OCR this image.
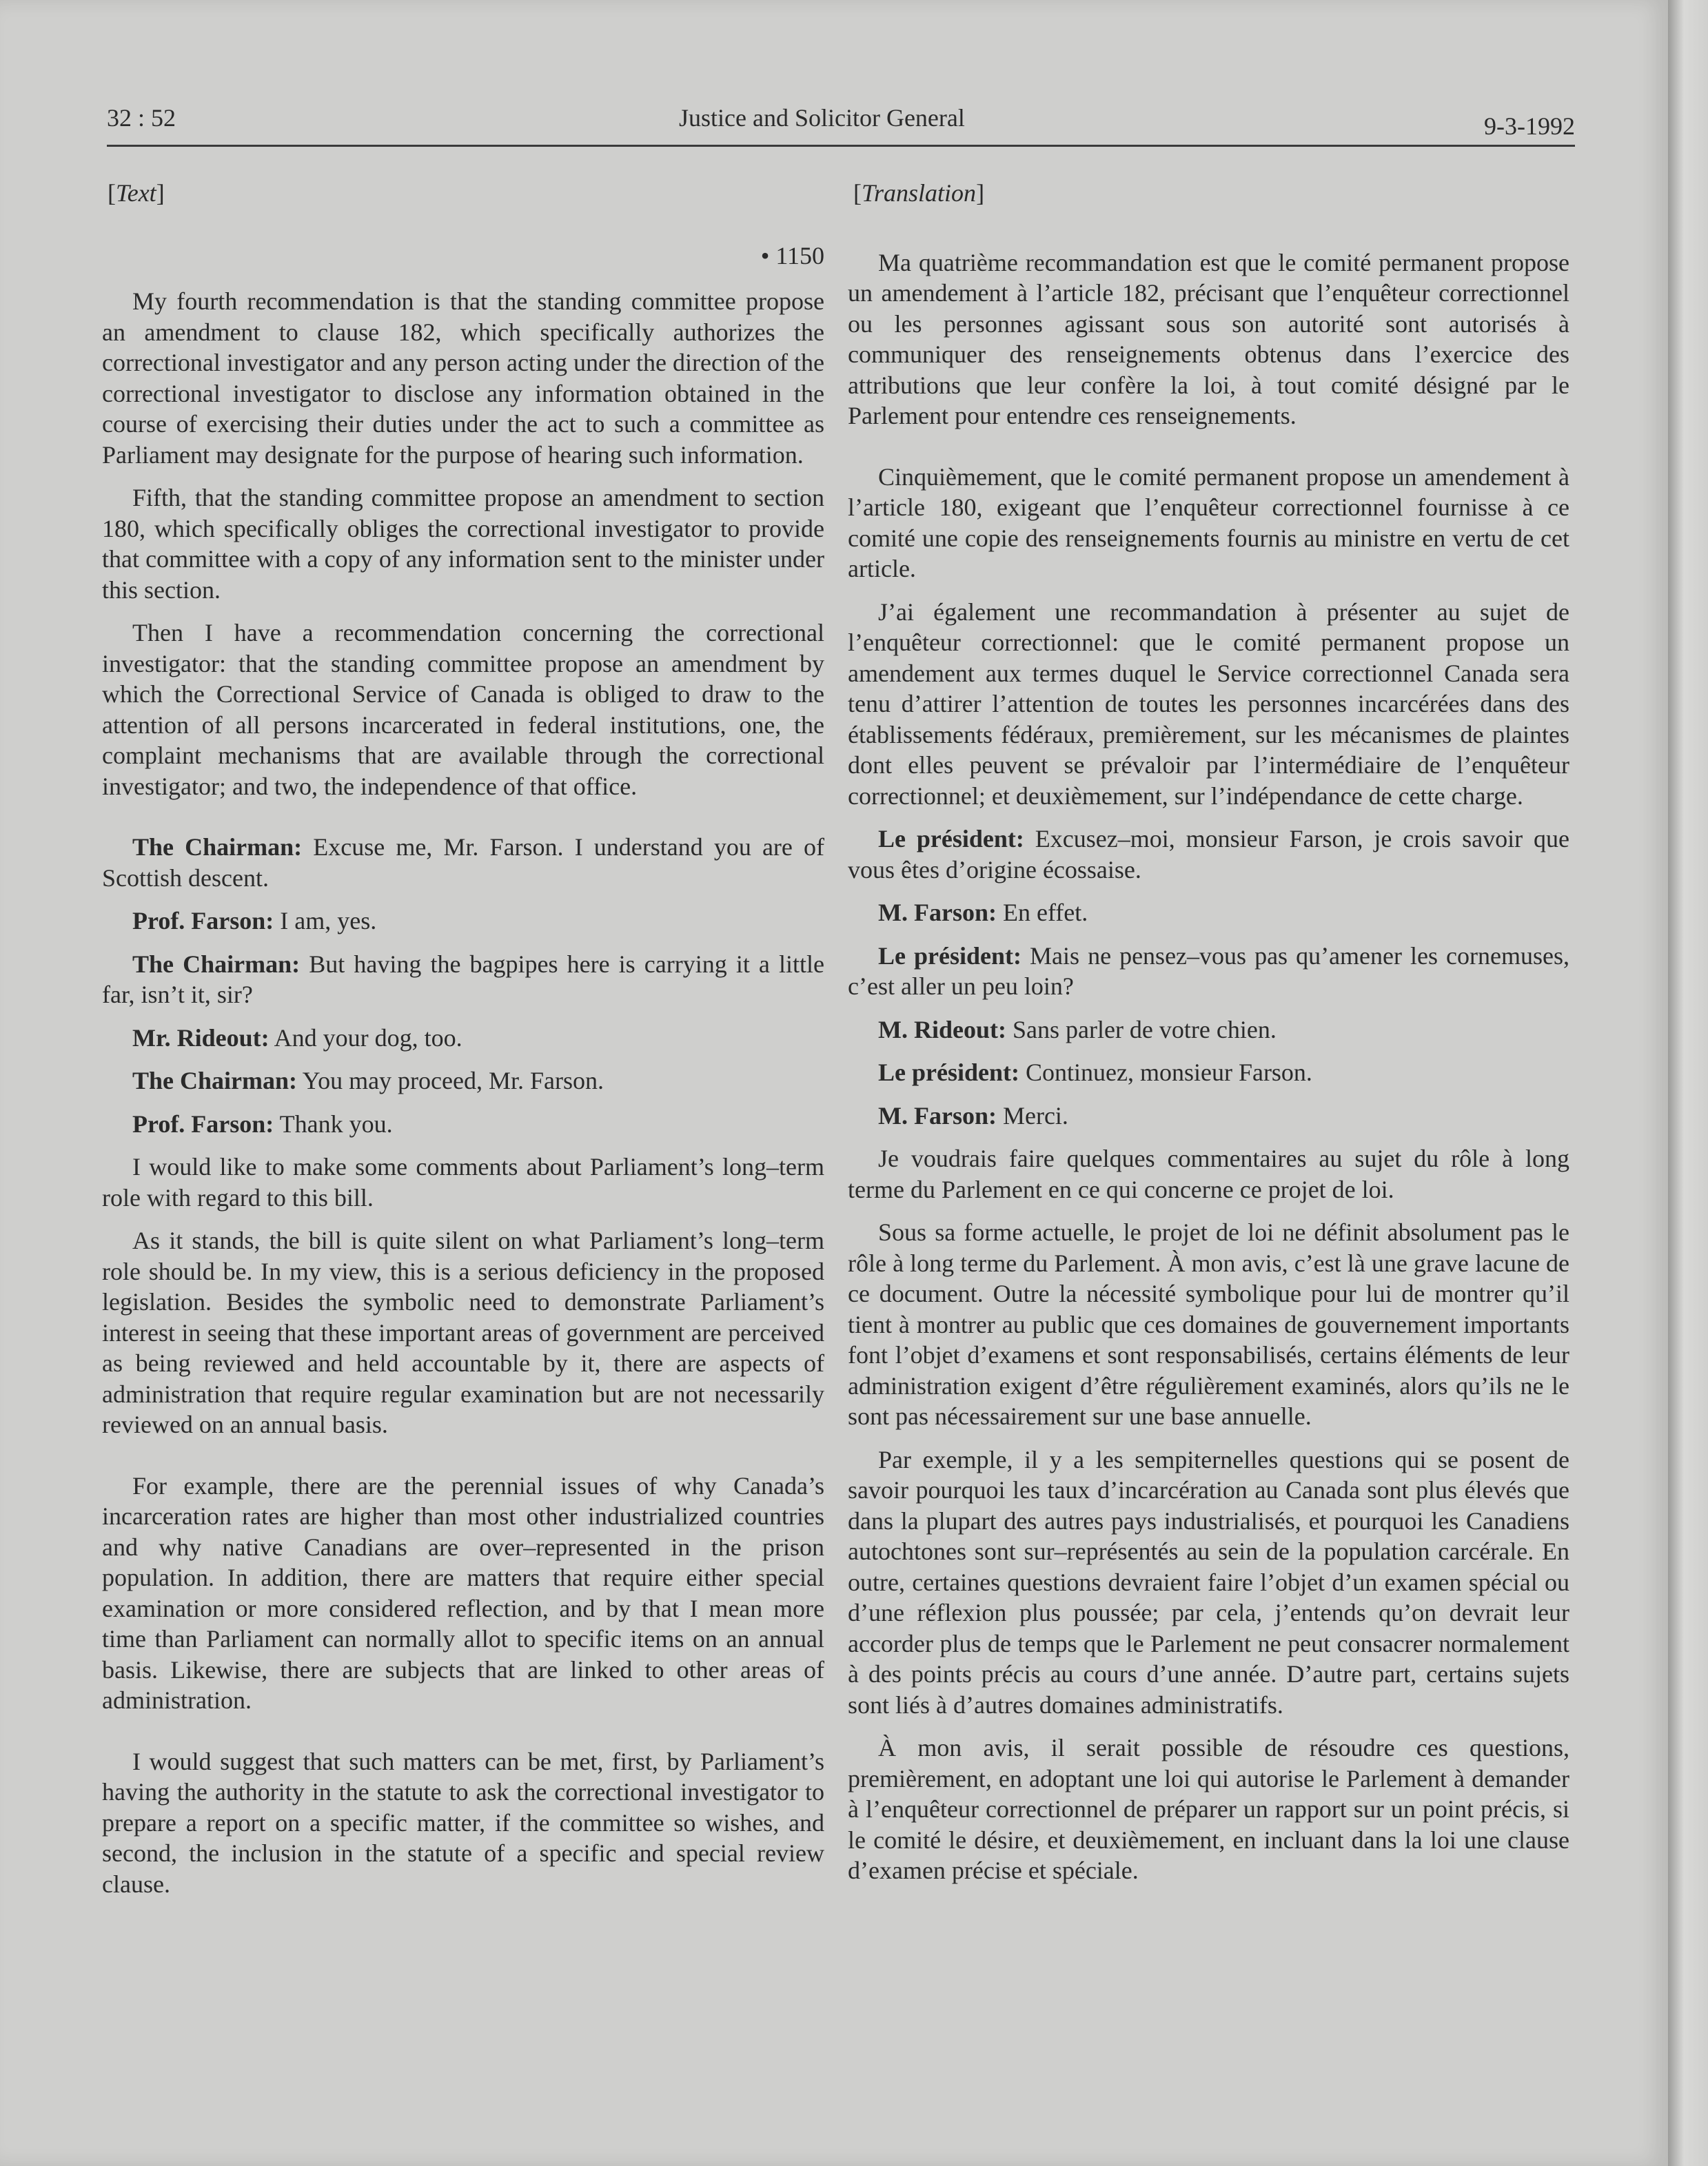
32 : 52	Justice and Solicitor General	9-3-1992

[Text]

• 1150

My fourth recommendation is that the standing committee propose an amendment to clause 182, which specifically authorizes the correctional investigator and any person acting under the direction of the correctional investigator to disclose any information obtained in the course of exercising their duties under the act to such a committee as Parliament may designate for the purpose of hearing such information.

Fifth, that the standing committee propose an amendment to section 180, which specifically obliges the correctional investigator to provide that committee with a copy of any information sent to the minister under this section.

Then I have a recommendation concerning the correctional investigator: that the standing committee propose an amendment by which the Correctional Service of Canada is obliged to draw to the attention of all persons incarcerated in federal institutions, one, the complaint mechanisms that are available through the correctional investigator; and two, the independence of that office.

The Chairman: Excuse me, Mr. Farson. I understand you are of Scottish descent.

Prof. Farson: I am, yes.

The Chairman: But having the bagpipes here is carrying it a little far, isn’t it, sir?

Mr. Rideout: And your dog, too.

The Chairman: You may proceed, Mr. Farson.

Prof. Farson: Thank you.

I would like to make some comments about Parliament’s long–term role with regard to this bill.

As it stands, the bill is quite silent on what Parliament’s long–term role should be. In my view, this is a serious deficiency in the proposed legislation. Besides the symbolic need to demonstrate Parliament’s interest in seeing that these important areas of government are perceived as being reviewed and held accountable by it, there are aspects of administration that require regular examination but are not necessarily reviewed on an annual basis.

For example, there are the perennial issues of why Canada’s incarceration rates are higher than most other industrialized countries and why native Canadians are over–represented in the prison population. In addition, there are matters that require either special examination or more considered reflection, and by that I mean more time than Parliament can normally allot to specific items on an annual basis. Likewise, there are subjects that are linked to other areas of administration.

I would suggest that such matters can be met, first, by Parliament’s having the authority in the statute to ask the correctional investigator to prepare a report on a specific matter, if the committee so wishes, and second, the inclusion in the statute of a specific and special review clause.

[Translation]

Ma quatrième recommandation est que le comité permanent propose un amendement à l’article 182, précisant que l’enquêteur correctionnel ou les personnes agissant sous son autorité sont autorisés à communiquer des renseignements obtenus dans l’exercice des attributions que leur confère la loi, à tout comité désigné par le Parlement pour entendre ces renseignements.

Cinquièmement, que le comité permanent propose un amendement à l’article 180, exigeant que l’enquêteur correctionnel fournisse à ce comité une copie des renseignements fournis au ministre en vertu de cet article.

J’ai également une recommandation à présenter au sujet de l’enquêteur correctionnel: que le comité permanent propose un amendement aux termes duquel le Service correctionnel Canada sera tenu d’attirer l’attention de toutes les personnes incarcérées dans des établissements fédéraux, premièrement, sur les mécanismes de plaintes dont elles peuvent se prévaloir par l’intermédiaire de l’enquêteur correctionnel; et deuxièmement, sur l’indépendance de cette charge.

Le président: Excusez–moi, monsieur Farson, je crois savoir que vous êtes d’origine écossaise.

M. Farson: En effet.

Le président: Mais ne pensez–vous pas qu’amener les cornemuses, c’est aller un peu loin?

M. Rideout: Sans parler de votre chien.

Le président: Continuez, monsieur Farson.

M. Farson: Merci.

Je voudrais faire quelques commentaires au sujet du rôle à long terme du Parlement en ce qui concerne ce projet de loi.

Sous sa forme actuelle, le projet de loi ne définit absolument pas le rôle à long terme du Parlement. À mon avis, c’est là une grave lacune de ce document. Outre la nécessité symbolique pour lui de montrer qu’il tient à montrer au public que ces domaines de gouvernement importants font l’objet d’examens et sont responsabilisés, certains éléments de leur administration exigent d’être régulièrement examinés, alors qu’ils ne le sont pas nécessairement sur une base annuelle.

Par exemple, il y a les sempiternelles questions qui se posent de savoir pourquoi les taux d’incarcération au Canada sont plus élevés que dans la plupart des autres pays industrialisés, et pourquoi les Canadiens autochtones sont sur–représentés au sein de la population carcérale. En outre, certaines questions devraient faire l’objet d’un examen spécial ou d’une réflexion plus poussée; par cela, j’entends qu’on devrait leur accorder plus de temps que le Parlement ne peut consacrer normalement à des points précis au cours d’une année. D’autre part, certains sujets sont liés à d’autres domaines administratifs.

À mon avis, il serait possible de résoudre ces questions, premièrement, en adoptant une loi qui autorise le Parlement à demander à l’enquêteur correctionnel de préparer un rapport sur un point précis, si le comité le désire, et deuxièmement, en incluant dans la loi une clause d’examen précise et spéciale.
